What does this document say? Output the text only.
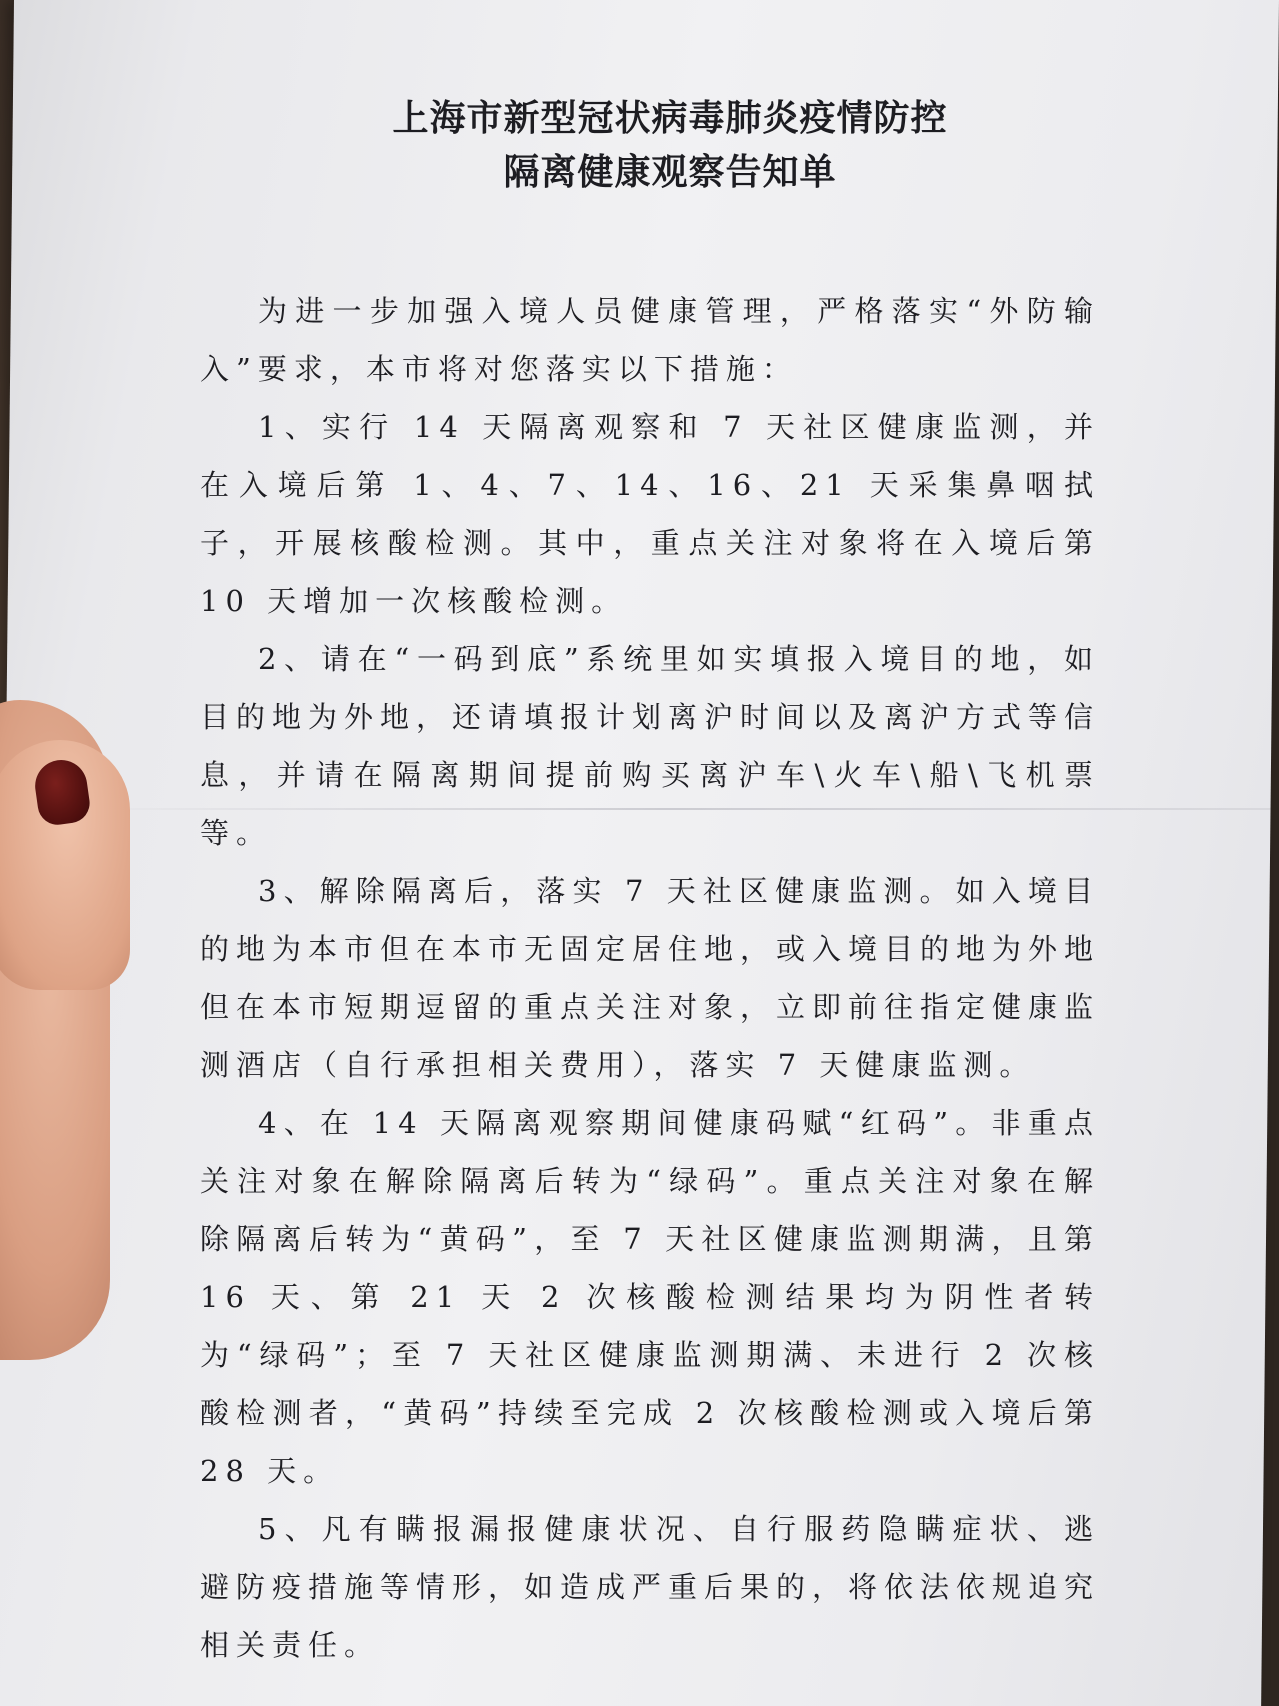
上海市新型冠状病毒肺炎疫情防控
隔离健康观察告知单

为进一步加强入境人员健康管理，严格落实“外防输入”要求，本市将对您落实以下措施：

1、实行 14 天隔离观察和 7 天社区健康监测，并在入境后第 1、4、7、14、16、21 天采集鼻咽拭子，开展核酸检测。其中，重点关注对象将在入境后第 10 天增加一次核酸检测。

2、请在“一码到底”系统里如实填报入境目的地，如目的地为外地，还请填报计划离沪时间以及离沪方式等信息，并请在隔离期间提前购买离沪车\火车\船\飞机票等。

3、解除隔离后，落实 7 天社区健康监测。如入境目的地为本市但在本市无固定居住地，或入境目的地为外地但在本市短期逗留的重点关注对象，立即前往指定健康监测酒店（自行承担相关费用），落实 7 天健康监测。

4、在 14 天隔离观察期间健康码赋“红码”。非重点关注对象在解除隔离后转为“绿码”。重点关注对象在解除隔离后转为“黄码”，至 7 天社区健康监测期满，且第 16 天、第 21 天 2 次核酸检测结果均为阴性者转为“绿码”；至 7 天社区健康监测期满、未进行 2 次核酸检测者，“黄码”持续至完成 2 次核酸检测或入境后第 28 天。

5、凡有瞒报漏报健康状况、自行服药隐瞒症状、逃避防疫措施等情形，如造成严重后果的，将依法依规追究相关责任。
